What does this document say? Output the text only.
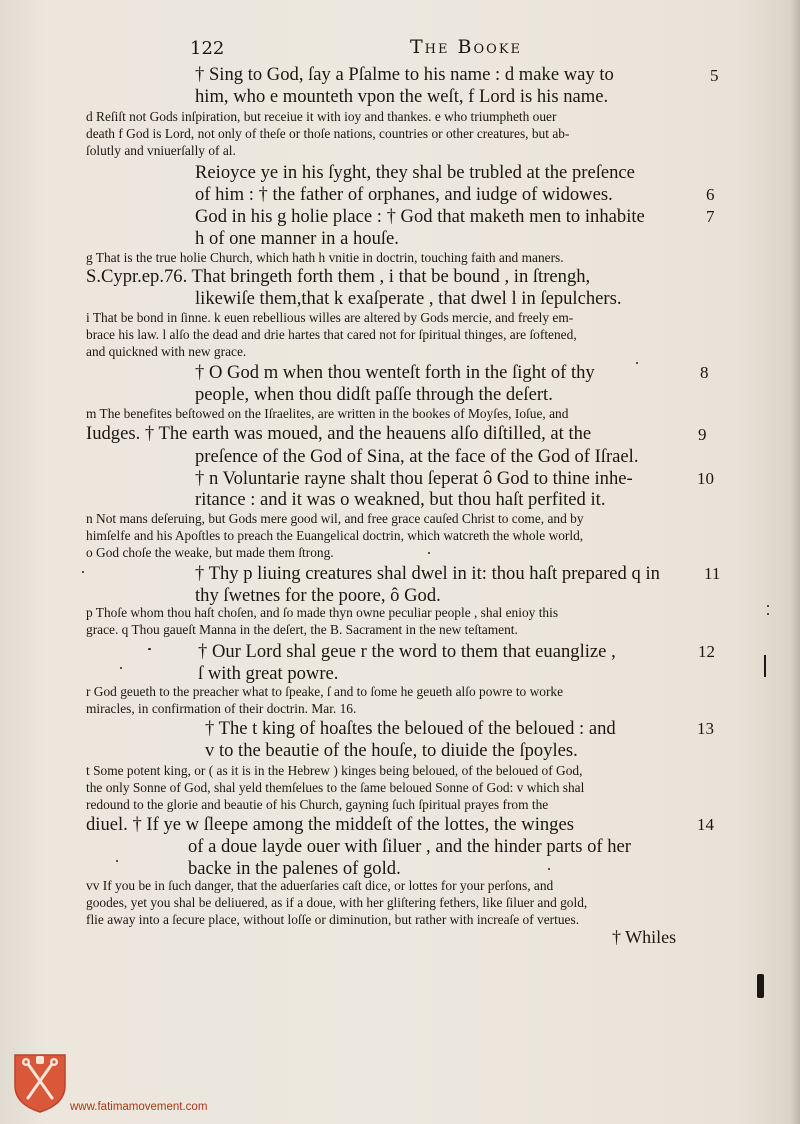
122	The Booke
† Sing to God, ſay a Pſalme to his name : d make way to
him, who e mounteth vpon the weſt, f Lord is his name.
d Reſiſt not Gods inſpiration, but receiue it with ioy and thankes. e who triumpheth ouer
death f God is Lord, not only of theſe or thoſe nations, countries or other creatures, but ab-
ſolutly and vniuerſally of al.
Reioyce ye in his ſyght, they shal be trubled at the preſence
of him : † the father of orphanes, and iudge of widowes.
God in his g holie place : † God that maketh men to inhabite
h of one manner in a houſe.
g That is the true holie Church, which hath h vnitie in doctrin, touching faith and maners.
S.Cypr.ep.76. That bringeth forth them , i that be bound , in ſtrengh,
likewiſe them,that k exaſperate , that dwel l in ſepulchers.
i That be bond in ſinne. k euen rebellious willes are altered by Gods mercie, and freely em-
brace his law. l alſo the dead and drie hartes that cared not for ſpiritual thinges, are ſoftened,
and quickned with new grace.
† O God m when thou wenteſt forth in the ſight of thy
people, when thou didſt paſſe through the deſert.
m The benefites beſtowed on the Iſraelites, are written in the bookes of Moyſes, Ioſue, and
Iudges. † The earth was moued, and the heauens alſo diſtilled, at the
preſence of the God of Sina, at the face of the God of Iſrael.
† n Voluntarie rayne shalt thou ſeperat ô God to thine inhe-
ritance : and it was o weakned, but thou haſt perfited it.
n Not mans deſeruing, but Gods mere good wil, and free grace cauſed Christ to come, and by
himſelfe and his Apoſtles to preach the Euangelical doctrin, which watcreth the whole world,
o God choſe the weake, but made them ſtrong.
† Thy p liuing creatures shal dwel in it: thou haſt prepared q in
thy ſwetnes for the poore, ô God.
p Thoſe whom thou haſt choſen, and ſo made thyn owne peculiar people , shal enioy this
grace. q Thou gaueſt Manna in the deſert, the B. Sacrament in the new teſtament.
† Our Lord shal geue r the word to them that euanglize ,
ſ with great powre.
r God geueth to the preacher what to ſpeake, ſ and to ſome he geueth alſo powre to worke
miracles, in confirmation of their doctrin. Mar. 16.
† The t king of hoaſtes the beloued of the beloued : and
v to the beautie of the houſe, to diuide the ſpoyles.
t Some potent king, or ( as it is in the Hebrew ) kinges being beloued, of the beloued of God,
the only Sonne of God, shal yeld themſelues to the ſame beloued Sonne of God: v which shal
redound to the glorie and beautie of his Church, gayning ſuch ſpiritual prayes from the
diuel. † If ye w ſleepe among the middeſt of the lottes, the winges
of a doue layde ouer with ſiluer , and the hinder parts of her
backe in the palenes of gold.
vv If you be in ſuch danger, that the aduerſaries caſt dice, or lottes for your perſons, and
goodes, yet you shal be deliuered, as if a doue, with her gliſtering fethers, like ſiluer and gold,
flie away into a ſecure place, without loſſe or diminution, but rather with increaſe of vertues.
5
6
7
8
9
10
11
12
13
14
† Whiles
www.fatimamovement.com
